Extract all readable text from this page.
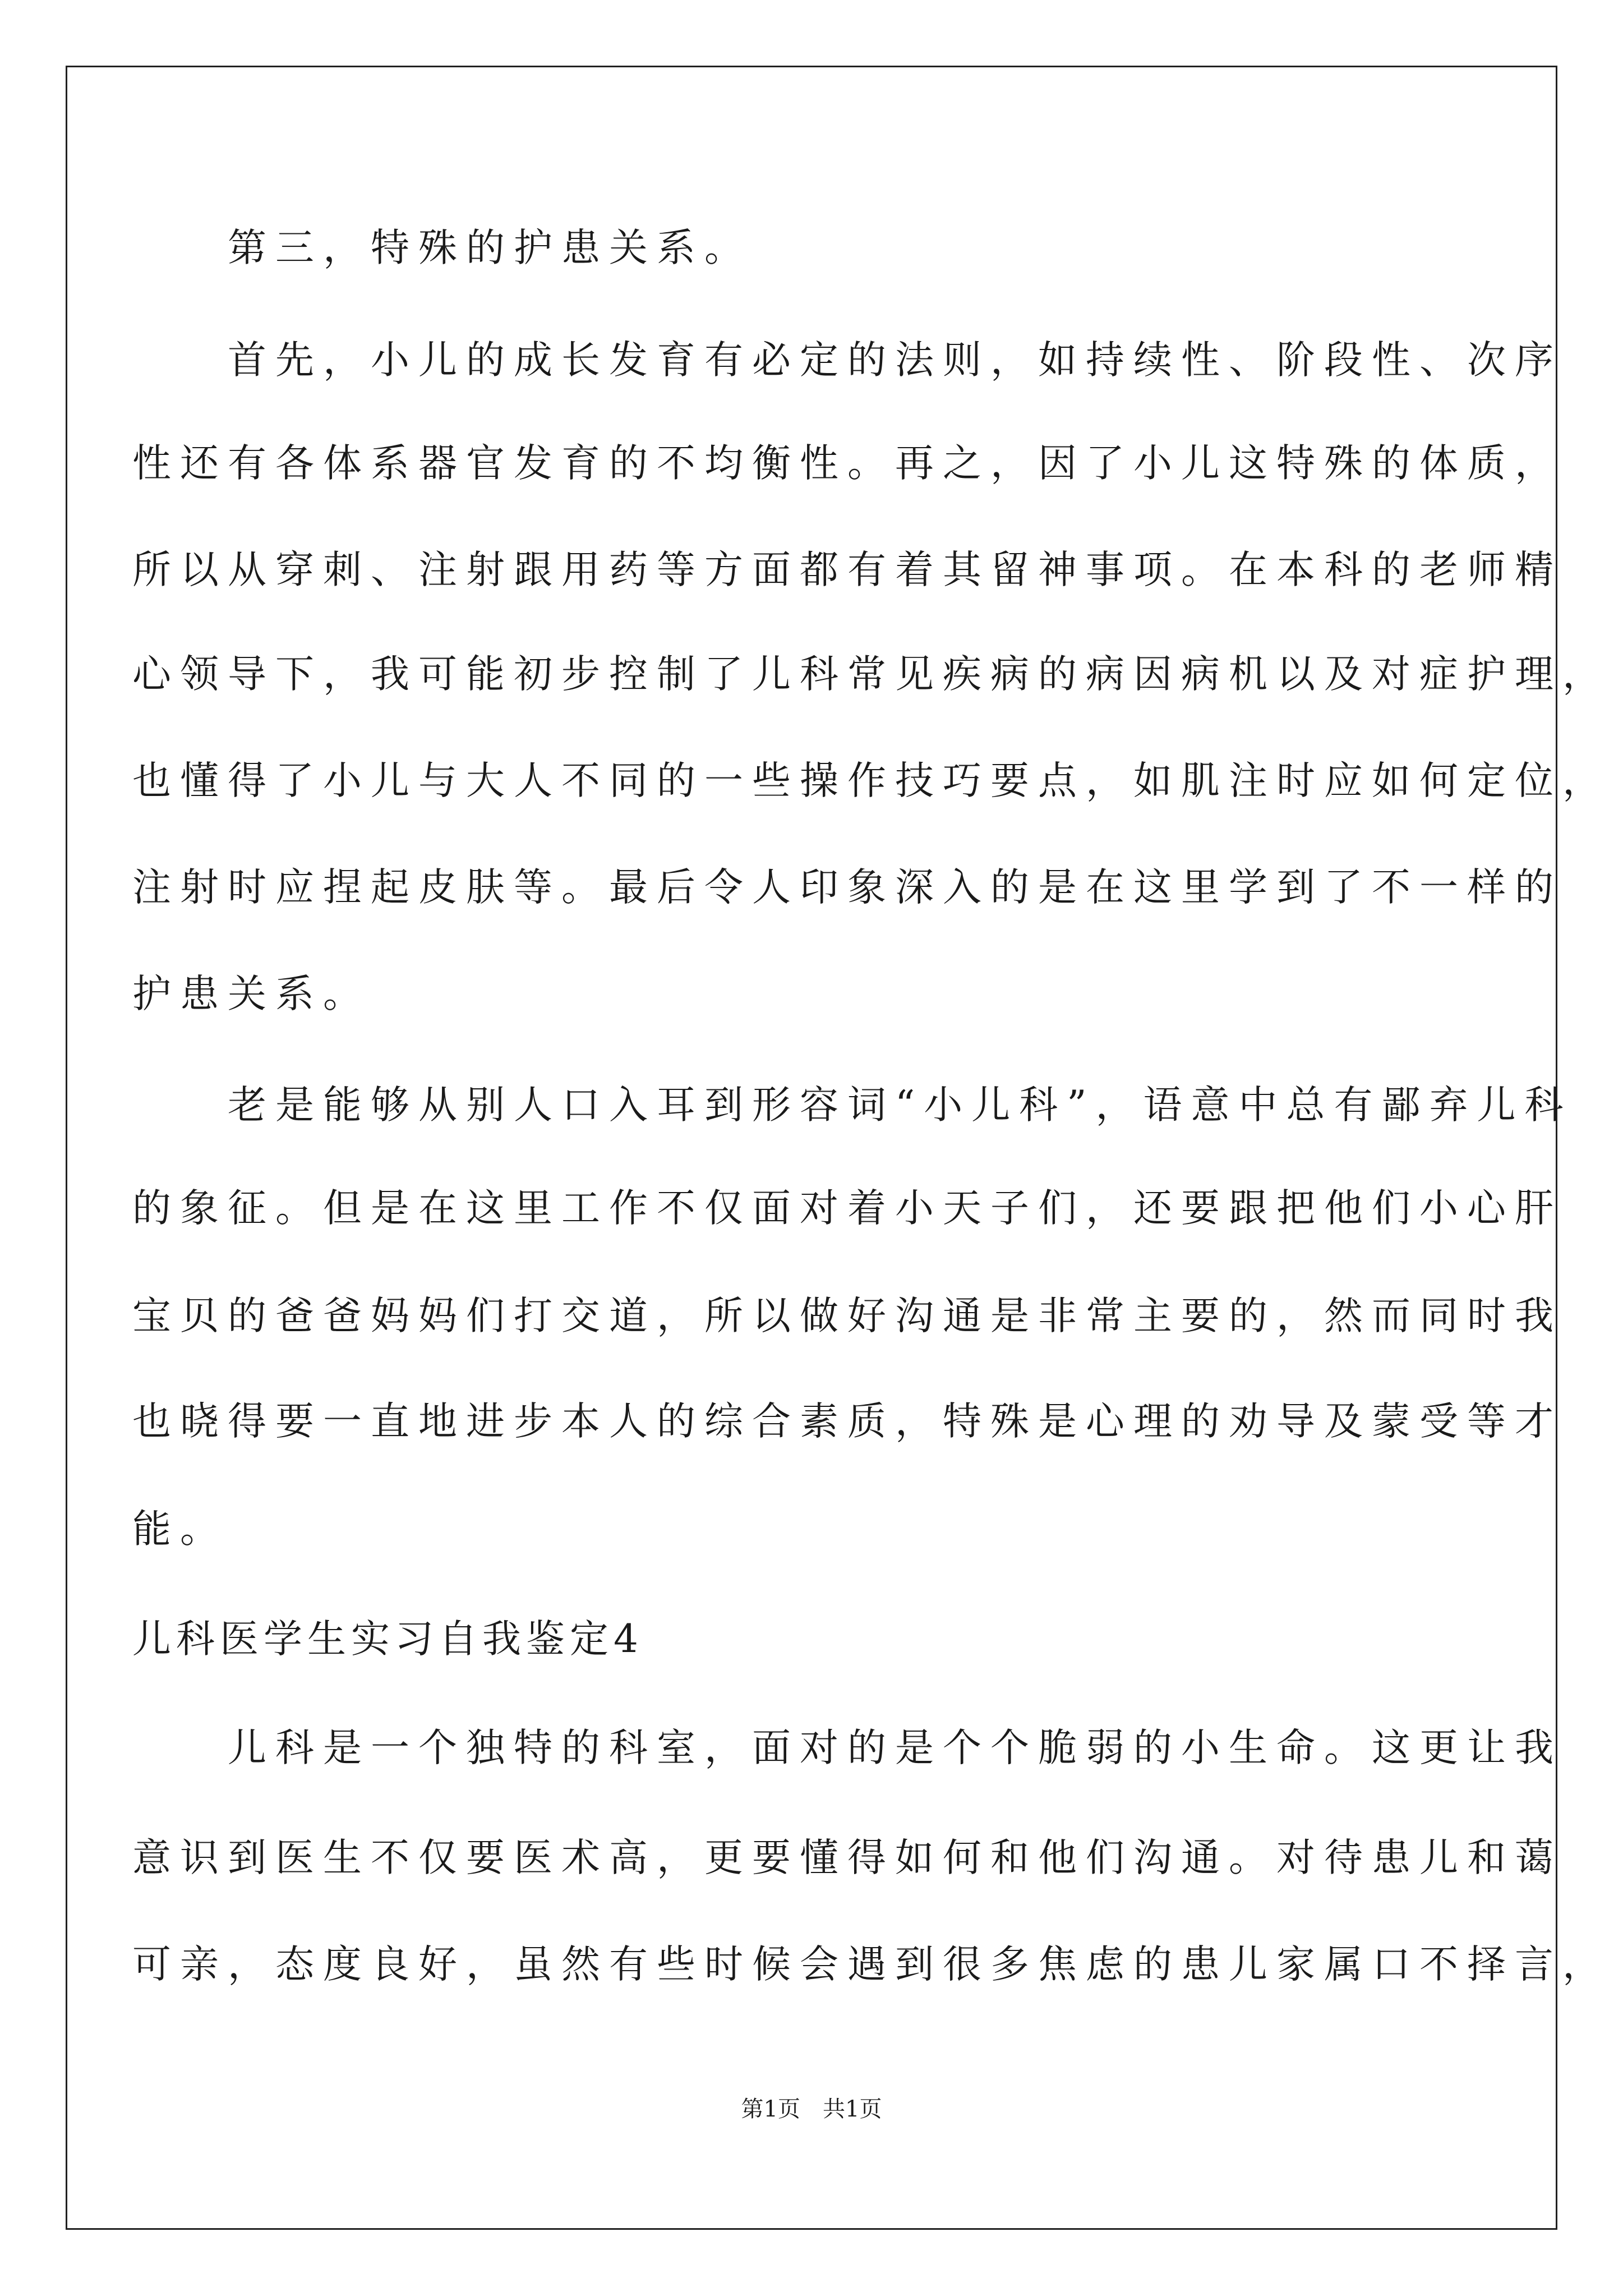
　　第三，特殊的护患关系。
　　首先，小儿的成长发育有必定的法则，如持续性、阶段性、次序
性还有各体系器官发育的不均衡性。再之，因了小儿这特殊的体质，
所以从穿刺、注射跟用药等方面都有着其留神事项。在本科的老师精
心领导下，我可能初步控制了儿科常见疾病的病因病机以及对症护理，
也懂得了小儿与大人不同的一些操作技巧要点，如肌注时应如何定位，
注射时应捏起皮肤等。最后令人印象深入的是在这里学到了不一样的
护患关系。
　　老是能够从别人口入耳到形容词“小儿科”，语意中总有鄙弃儿科
的象征。但是在这里工作不仅面对着小天子们，还要跟把他们小心肝
宝贝的爸爸妈妈们打交道，所以做好沟通是非常主要的，然而同时我
也晓得要一直地进步本人的综合素质，特殊是心理的劝导及蒙受等才
能。
儿科医学生实习自我鉴定4
　　儿科是一个独特的科室，面对的是个个脆弱的小生命。这更让我
意识到医生不仅要医术高，更要懂得如何和他们沟通。对待患儿和蔼
可亲，态度良好，虽然有些时候会遇到很多焦虑的患儿家属口不择言，
第1页　共1页
